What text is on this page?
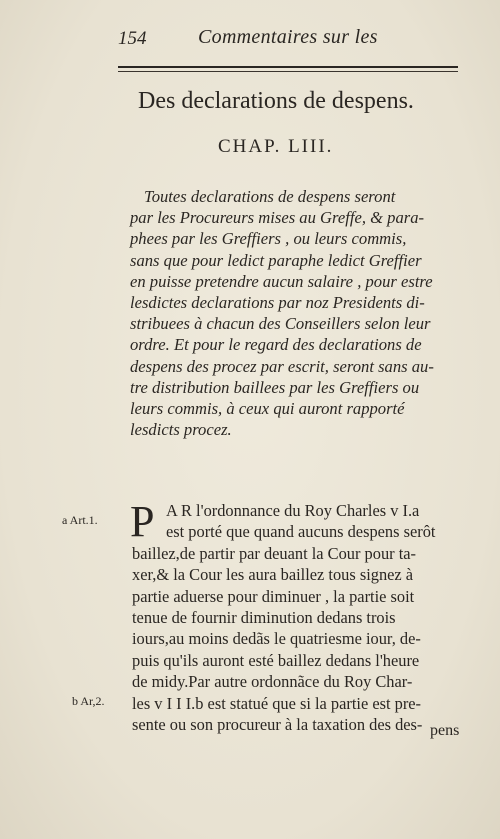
154	Commentaires sur les
Des declarations de despens.
CHAP. LIII.
Toutes declarations de despens seront
par les Procureurs mises au Greffe, & para-
phees par les Greffiers , ou leurs commis,
sans que pour ledict paraphe ledict Greffier
en puisse pretendre aucun salaire , pour estre
lesdictes declarations par noz Presidents di-
stribuees à chacun des Conseillers selon leur
ordre. Et pour le regard des declarations de
despens des procez par escrit, seront sans au-
tre distribution baillees par les Greffiers ou
leurs commis, à ceux qui auront rapporté
lesdicts procez.
P A R l'ordonnance du Roy Charles v I.a
est porté que quand aucuns despens serôt
baillez,de partir par deuant la Cour pour ta-
xer,& la Cour les aura baillez tous signez à
partie aduerse pour diminuer , la partie soit
tenue de fournir diminution dedans trois
iours,au moins dedãs le quatriesme iour, de-
puis qu'ils auront esté baillez dedans l'heure
de midy.Par autre ordonnãce du Roy Char-
les v I I I.b est statué que si la partie est pre-
sente ou son procureur à la taxation des des-
a Art.1.
b Ar,2.
pens
